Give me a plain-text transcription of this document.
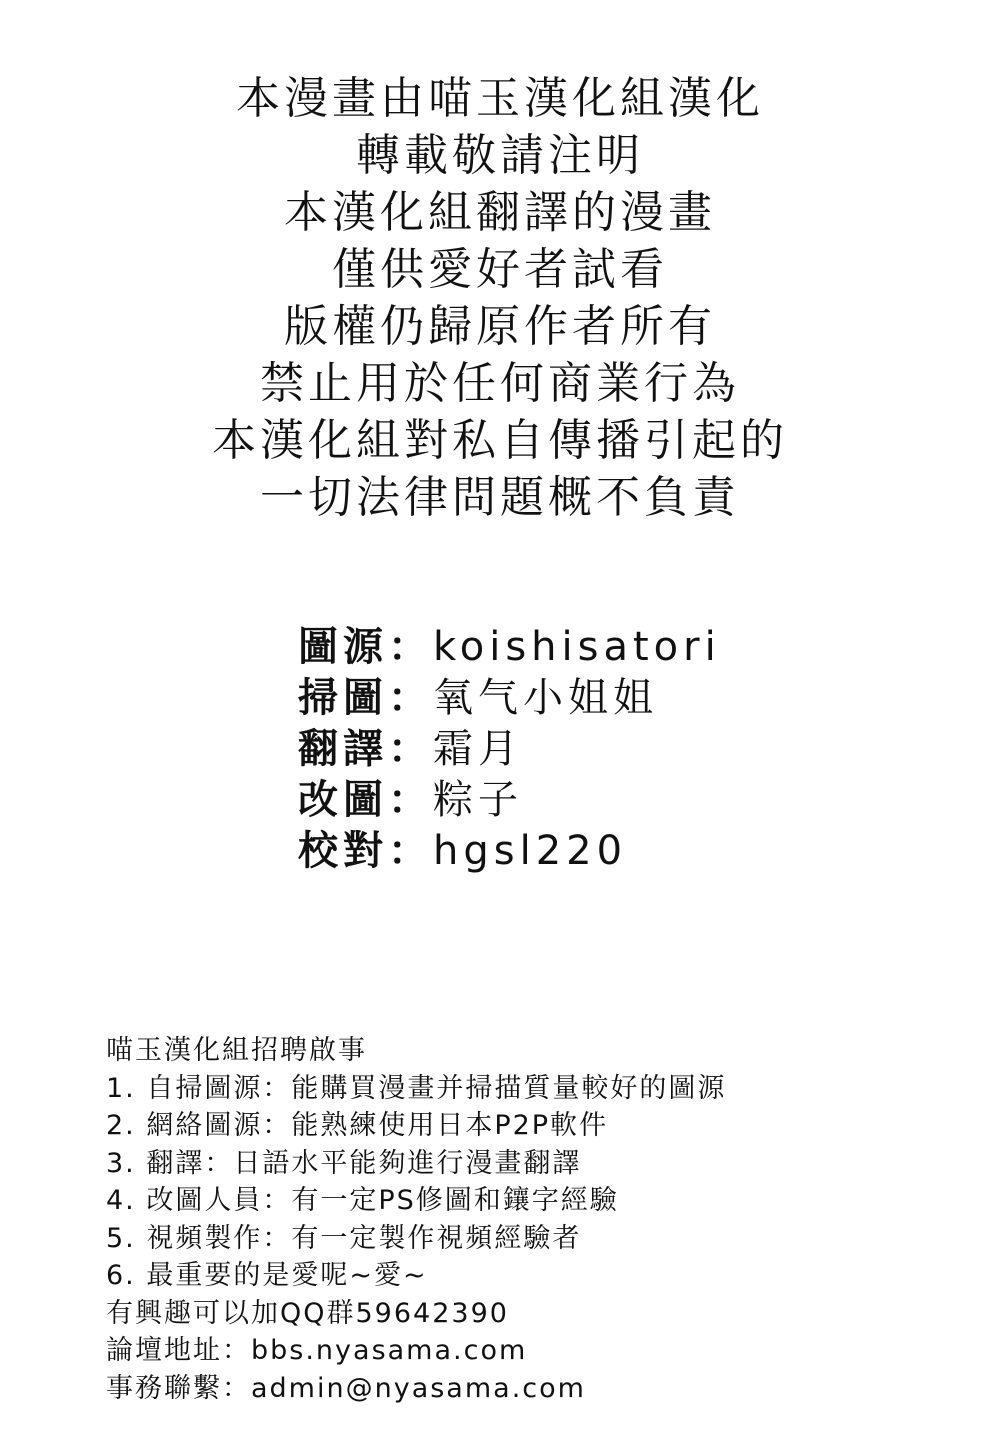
本漫畫由喵玉漢化組漢化
轉載敬請注明
本漢化組翻譯的漫畫
僅供愛好者試看
版權仍歸原作者所有
禁止用於任何商業行為
本漢化組對私自傳播引起的
一切法律問題概不負責
圖源：koishisatori
掃圖：氧气小姐姐
翻譯：霜月
改圖：粽子
校對：hgsl220
喵玉漢化組招聘啟事
1. 自掃圖源：能購買漫畫并掃描質量較好的圖源
2. 網絡圖源：能熟練使用日本P2P軟件
3. 翻譯：日語水平能夠進行漫畫翻譯
4. 改圖人員：有一定PS修圖和鑲字經驗
5. 視頻製作：有一定製作視頻經驗者
6. 最重要的是愛呢~愛~
有興趣可以加QQ群59642390
論壇地址：bbs.nyasama.com
事務聯繫：admin@nyasama.com
